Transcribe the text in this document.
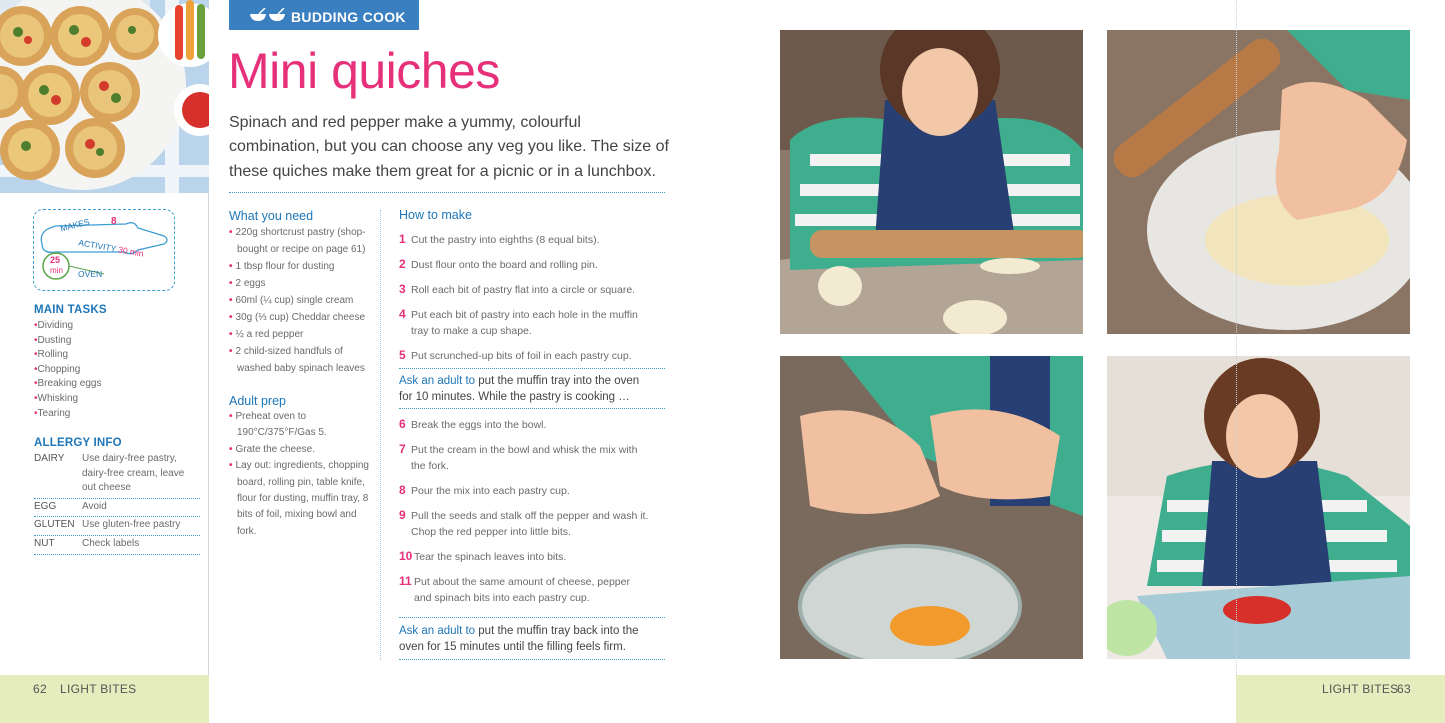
MAKES 8
ACTIVITY 30 min
25
min OVEN
MAIN TASKS
•Dividing
•Dusting
•Rolling
•Chopping
•Breaking eggs
•Whisking
•Tearing
ALLERGY INFO
DAIRY	Use dairy-free pastry, dairy-free cream, leave out cheese
EGG	Avoid
GLUTEN Use gluten-free pastry
NUT	Check labels
BUDDING COOK
Mini quiches
Spinach and red pepper make a yummy, colourful combination, but you can choose any veg you like. The size of these quiches make them great for a picnic or in a lunchbox.
What you need
• 220g shortcrust pastry (shop-bought or recipe on page 61)
• 1 tbsp flour for dusting
• 2 eggs
• 60ml (¼ cup) single cream
• 30g (⅓ cup) Cheddar cheese
• ½ a red pepper
• 2 child-sized handfuls of washed baby spinach leaves
Adult prep
• Preheat oven to 190°C/375°F/Gas 5.
• Grate the cheese.
• Lay out: ingredients, chopping board, rolling pin, table knife, flour for dusting, muffin tray, 8 bits of foil, mixing bowl and fork.
How to make
1 Cut the pastry into eighths (8 equal bits).
2 Dust flour onto the board and rolling pin.
3 Roll each bit of pastry flat into a circle or square.
4 Put each bit of pastry into each hole in the muffin
tray to make a cup shape.
5 Put scrunched-up bits of foil in each pastry cup.
Ask an adult to put the muffin tray into the oven
for 10 minutes. While the pastry is cooking …
6 Break the eggs into the bowl.
7 Put the cream in the bowl and whisk the mix with
the fork.
8 Pour the mix into each pastry cup.
9 Pull the seeds and stalk off the pepper and wash it.
Chop the red pepper into little bits.
10 Tear the spinach leaves into bits.
11 Put about the same amount of cheese, pepper
and spinach bits into each pastry cup.
Ask an adult to put the muffin tray back into the
oven for 15 minutes until the filling feels firm.
62 LIGHT BITES	LIGHT BITES
63
